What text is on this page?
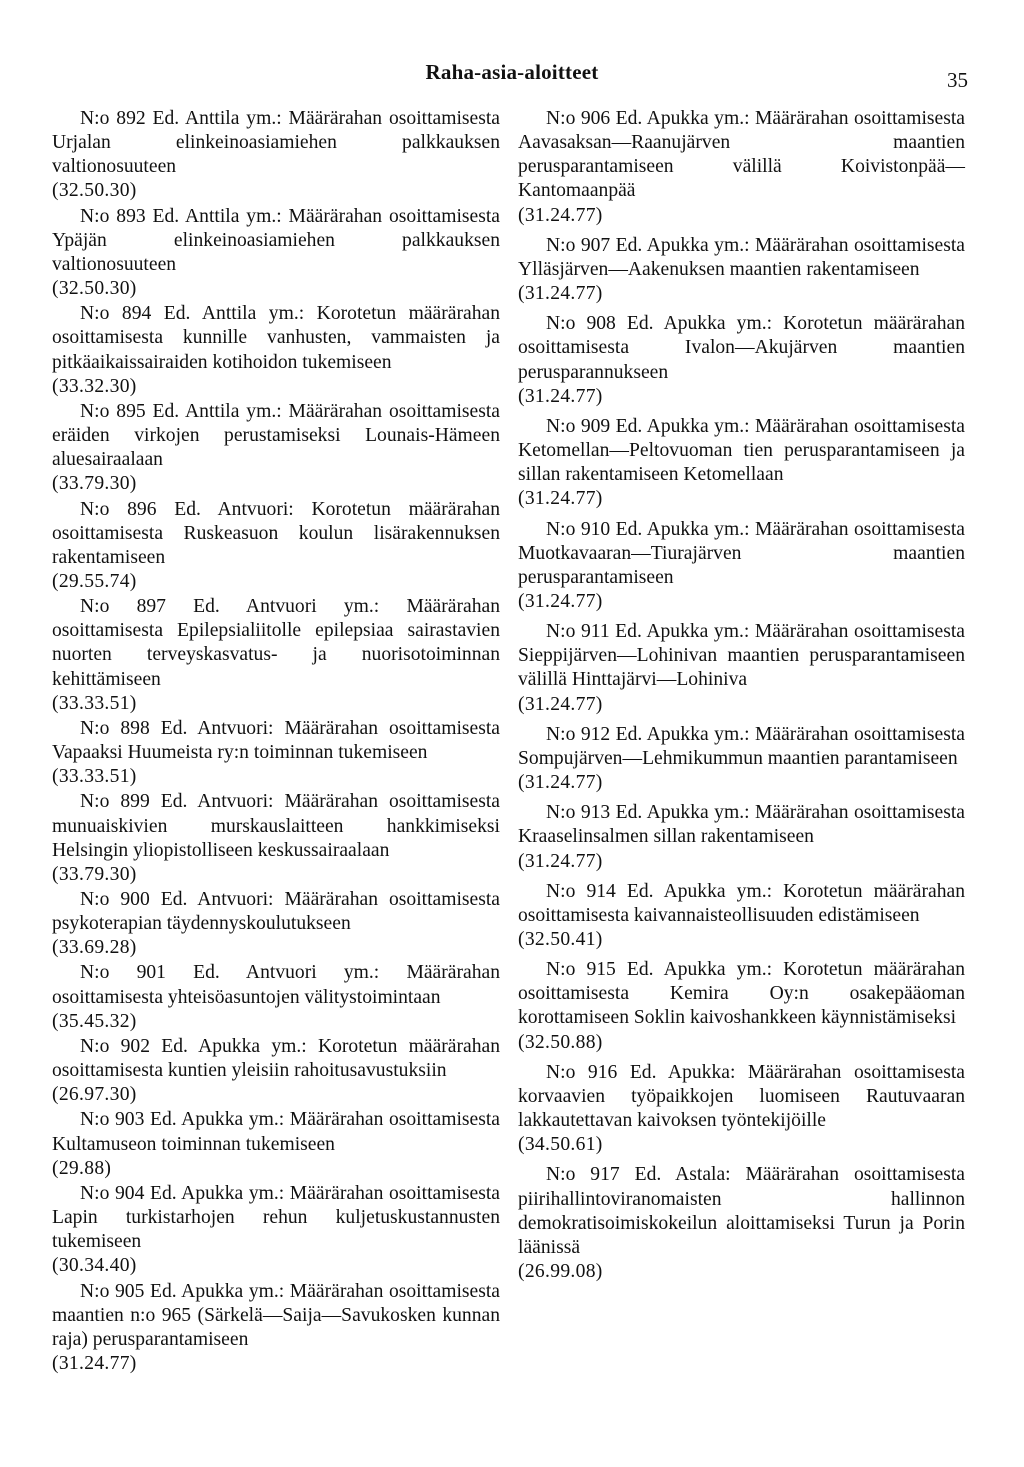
Raha-asia-aloitteet	35

N:o 892 Ed. Anttila ym.: Määrärahan osoittamisesta Urjalan elinkeinoasiamiehen palkkauksen valtionosuuteen

(32.50.30)

N:o 893 Ed. Anttila ym.: Määrärahan osoittamisesta Ypäjän elinkeinoasiamiehen palkkauksen valtionosuuteen

(32.50.30)

N:o 894 Ed. Anttila ym.: Korotetun määrärahan osoittamisesta kunnille vanhusten, vammaisten ja pitkäaikaissairaiden kotihoidon tukemiseen

(33.32.30)

N:o 895 Ed. Anttila ym.: Määrärahan osoittamisesta eräiden virkojen perustamiseksi Lounais-Hämeen aluesairaalaan

(33.79.30)

N:o 896 Ed. Antvuori: Korotetun määrärahan osoittamisesta Ruskeasuon koulun lisärakennuksen rakentamiseen

(29.55.74)

N:o 897 Ed. Antvuori ym.: Määrärahan osoittamisesta Epilepsialiitolle epilepsiaa sairastavien nuorten terveyskasvatus- ja nuorisotoiminnan kehittämiseen

(33.33.51)

N:o 898 Ed. Antvuori: Määrärahan osoittamisesta Vapaaksi Huumeista ry:n toiminnan tukemiseen

(33.33.51)

N:o 899 Ed. Antvuori: Määrärahan osoittamisesta munuaiskivien murskauslaitteen hankkimiseksi Helsingin yliopistolliseen keskussairaalaan

(33.79.30)

N:o 900 Ed. Antvuori: Määrärahan osoittamisesta psykoterapian täydennyskoulutukseen

(33.69.28)

N:o 901 Ed. Antvuori ym.: Määrärahan osoittamisesta yhteisöasuntojen välitystoimintaan

(35.45.32)

N:o 902 Ed. Apukka ym.: Korotetun määrärahan osoittamisesta kuntien yleisiin rahoitusavustuksiin

(26.97.30)

N:o 903 Ed. Apukka ym.: Määrärahan osoittamisesta Kultamuseon toiminnan tukemiseen

(29.88)

N:o 904 Ed. Apukka ym.: Määrärahan osoittamisesta Lapin turkistarhojen rehun kuljetuskustannusten tukemiseen

(30.34.40)

N:o 905 Ed. Apukka ym.: Määrärahan osoittamisesta maantien n:o 965 (Särkelä—Saija—Savukosken kunnan raja) perusparantamiseen

(31.24.77)

N:o 906 Ed. Apukka ym.: Määrärahan osoittamisesta Aavasaksan—Raanujärven maantien perusparantamiseen välillä Koivistonpää—Kantomaanpää

(31.24.77)

N:o 907 Ed. Apukka ym.: Määrärahan osoittamisesta Ylläsjärven—Aakenuksen maantien rakentamiseen

(31.24.77)

N:o 908 Ed. Apukka ym.: Korotetun määrärahan osoittamisesta Ivalon—Akujärven maantien perusparannukseen

(31.24.77)

N:o 909 Ed. Apukka ym.: Määrärahan osoittamisesta Ketomellan—Peltovuoman tien perusparantamiseen ja sillan rakentamiseen Ketomellaan

(31.24.77)

N:o 910 Ed. Apukka ym.: Määrärahan osoittamisesta Muotkavaaran—Tiurajärven maantien perusparantamiseen

(31.24.77)

N:o 911 Ed. Apukka ym.: Määrärahan osoittamisesta Sieppijärven—Lohinivan maantien perusparantamiseen välillä Hinttajärvi—Lohiniva

(31.24.77)

N:o 912 Ed. Apukka ym.: Määrärahan osoittamisesta Sompujärven—Lehmikummun maantien parantamiseen

(31.24.77)

N:o 913 Ed. Apukka ym.: Määrärahan osoittamisesta Kraaselinsalmen sillan rakentamiseen

(31.24.77)

N:o 914 Ed. Apukka ym.: Korotetun määrärahan osoittamisesta kaivannaisteollisuuden edistämiseen

(32.50.41)

N:o 915 Ed. Apukka ym.: Korotetun määrärahan osoittamisesta Kemira Oy:n osakepääoman korottamiseen Soklin kaivoshankkeen käynnistämiseksi

(32.50.88)

N:o 916 Ed. Apukka: Määrärahan osoittamisesta korvaavien työpaikkojen luomiseen Rautuvaaran lakkautettavan kaivoksen työntekijöille

(34.50.61)

N:o 917 Ed. Astala: Määrärahan osoittamisesta piirihallintoviranomaisten hallinnon demokratisoimiskokeilun aloittamiseksi Turun ja Porin läänissä

(26.99.08)
